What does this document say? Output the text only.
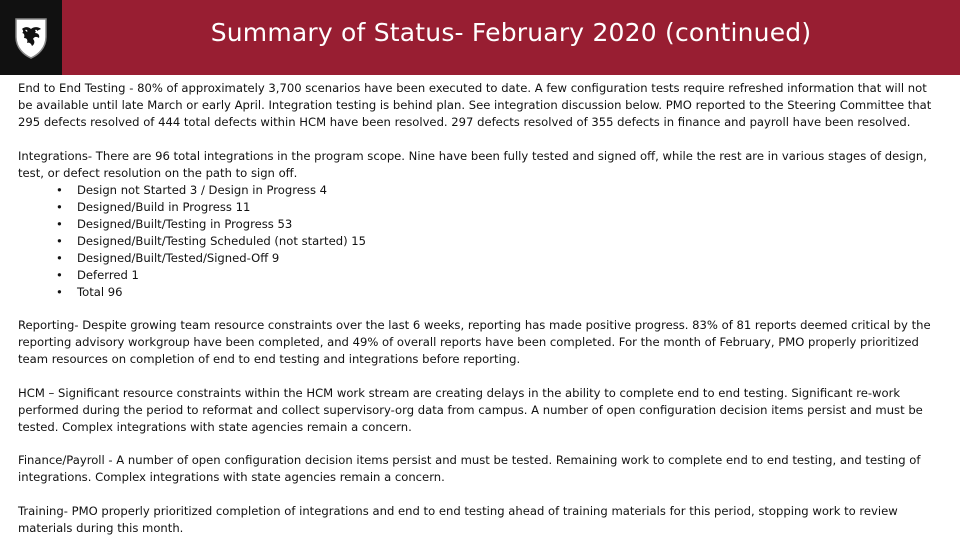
Summary of Status- February 2020 (continued)

End to End Testing - 80% of approximately 3,700 scenarios have been executed to date. A few configuration tests require refreshed information that will not be available until late March or early April. Integration testing is behind plan. See integration discussion below. PMO reported to the Steering Committee that 295 defects resolved of 444 total defects within HCM have been resolved. 297 defects resolved of 355 defects in finance and payroll have been resolved.

Integrations- There are 96 total integrations in the program scope. Nine have been fully tested and signed off, while the rest are in various stages of design, test, or defect resolution on the path to sign off.

• Design not Started 3 / Design in Progress 4
• Designed/Build in Progress 11
• Designed/Built/Testing in Progress 53
• Designed/Built/Testing Scheduled (not started) 15
• Designed/Built/Tested/Signed-Off 9
• Deferred 1
• Total 96

Reporting- Despite growing team resource constraints over the last 6 weeks, reporting has made positive progress. 83% of 81 reports deemed critical by the reporting advisory workgroup have been completed, and 49% of overall reports have been completed. For the month of February, PMO properly prioritized team resources on completion of end to end testing and integrations before reporting.

HCM – Significant resource constraints within the HCM work stream are creating delays in the ability to complete end to end testing. Significant re-work performed during the period to reformat and collect supervisory-org data from campus. A number of open configuration decision items persist and must be tested. Complex integrations with state agencies remain a concern.

Finance/Payroll - A number of open configuration decision items persist and must be tested. Remaining work to complete end to end testing, and testing of integrations. Complex integrations with state agencies remain a concern.

Training- PMO properly prioritized completion of integrations and end to end testing ahead of training materials for this period, stopping work to review materials during this month.
